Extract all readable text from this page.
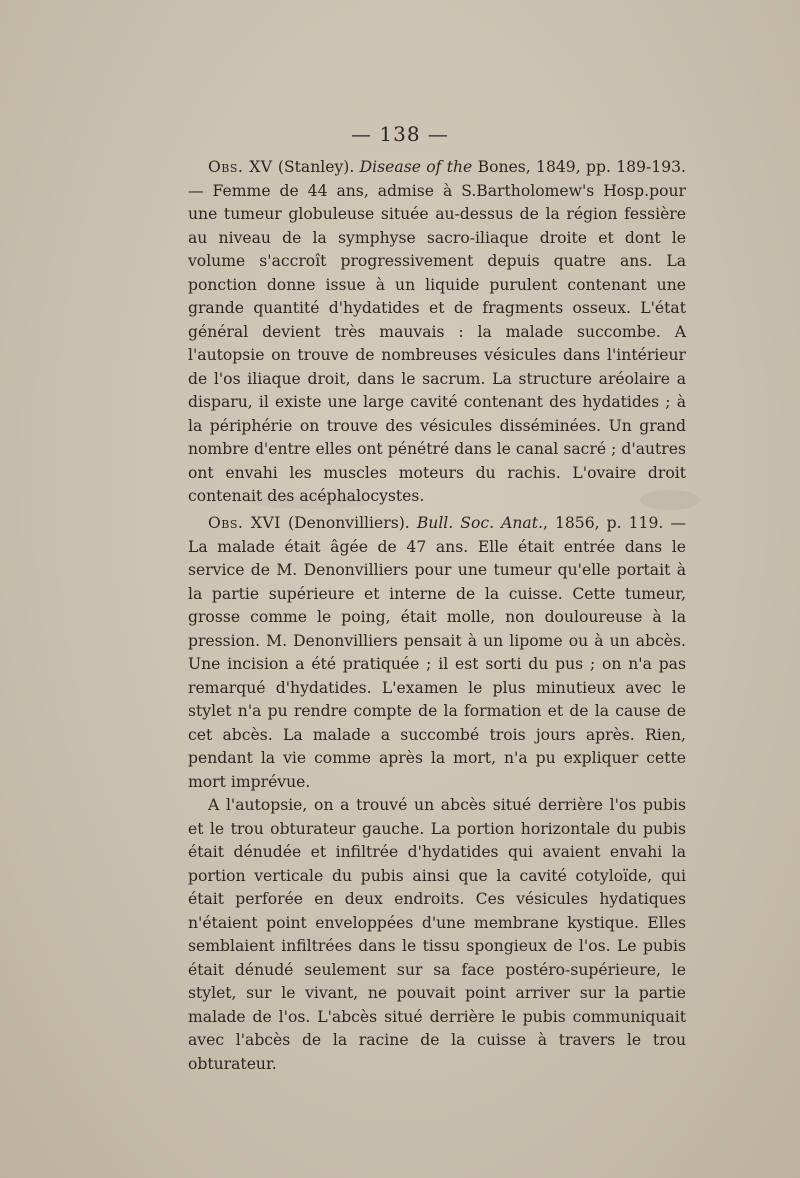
— 138 —

Obs. XV (Stanley). Disease of the Bones, 1849, pp. 189-193. — Femme de 44 ans, admise à S.Bartholomew's Hosp.pour une tumeur globuleuse située au-dessus de la région fessière au niveau de la symphyse sacro-iliaque droite et dont le volume s'accroît progressivement depuis quatre ans. La ponction donne issue à un liquide purulent contenant une grande quantité d'hydatides et de fragments osseux. L'état général devient très mauvais : la malade succombe. A l'autopsie on trouve de nombreuses vésicules dans l'intérieur de l'os iliaque droit, dans le sacrum. La structure aréolaire a disparu, il existe une large cavité contenant des hydatides ; à la périphérie on trouve des vésicules disséminées. Un grand nombre d'entre elles ont pénétré dans le canal sacré ; d'autres ont envahi les muscles moteurs du rachis. L'ovaire droit contenait des acéphalocystes.

Obs. XVI (Denonvilliers). Bull. Soc. Anat., 1856, p. 119. — La malade était âgée de 47 ans. Elle était entrée dans le service de M. Denonvilliers pour une tumeur qu'elle portait à la partie supérieure et interne de la cuisse. Cette tumeur, grosse comme le poing, était molle, non douloureuse à la pression. M. Denonvilliers pensait à un lipome ou à un abcès. Une incision a été pratiquée ; il est sorti du pus ; on n'a pas remarqué d'hydatides. L'examen le plus minutieux avec le stylet n'a pu rendre compte de la formation et de la cause de cet abcès. La malade a succombé trois jours après. Rien, pendant la vie comme après la mort, n'a pu expliquer cette mort imprévue.

A l'autopsie, on a trouvé un abcès situé derrière l'os pubis et le trou obturateur gauche. La portion horizontale du pubis était dénudée et infiltrée d'hydatides qui avaient envahi la portion verticale du pubis ainsi que la cavité cotyloïde, qui était perforée en deux endroits. Ces vésicules hydatiques n'étaient point enveloppées d'une membrane kystique. Elles semblaient infiltrées dans le tissu spongieux de l'os. Le pubis était dénudé seulement sur sa face postéro-supérieure, le stylet, sur le vivant, ne pouvait point arriver sur la partie malade de l'os. L'abcès situé derrière le pubis communiquait avec l'abcès de la racine de la cuisse à travers le trou obturateur.
